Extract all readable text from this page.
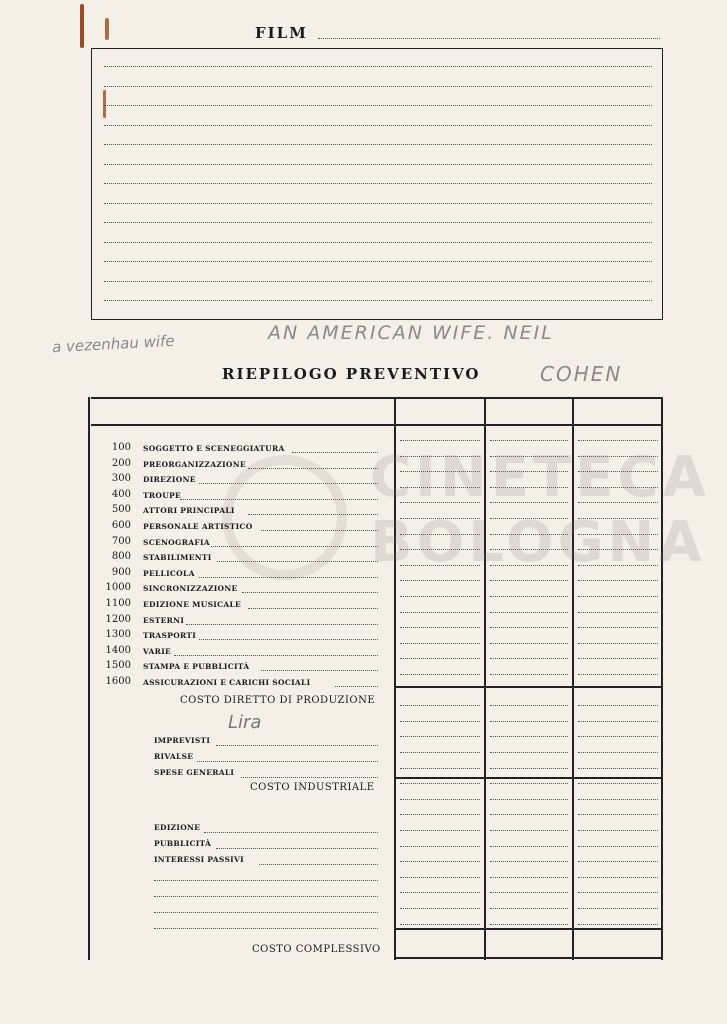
FILM
a vezenhau wife	AN AMERICAN WIFE. NEIL
COHEN
RIEPILOGO PREVENTIVO
CINETECA
BOLOGNA
100 SOGGETTO E SCENEGGIATURA
200 PREORGANIZZAZIONE
300 DIREZIONE
400 TROUPE
500 ATTORI PRINCIPALI
600 PERSONALE ARTISTICO
700 SCENOGRAFIA
800 STABILIMENTI
900 PELLICOLA
1000 SINCRONIZZAZIONE
1100 EDIZIONE MUSICALE
1200 ESTERNI
1300 TRASPORTI
1400 VARIE
1500 STAMPA E PUBBLICITÀ
1600 ASSICURAZIONI E CARICHI SOCIALI
COSTO DIRETTO DI PRODUZIONE
Lira
IMPREVISTI
RIVALSE
SPESE GENERALI
COSTO INDUSTRIALE
EDIZIONE
PUBBLICITÀ
INTERESSI PASSIVI
COSTO COMPLESSIVO
